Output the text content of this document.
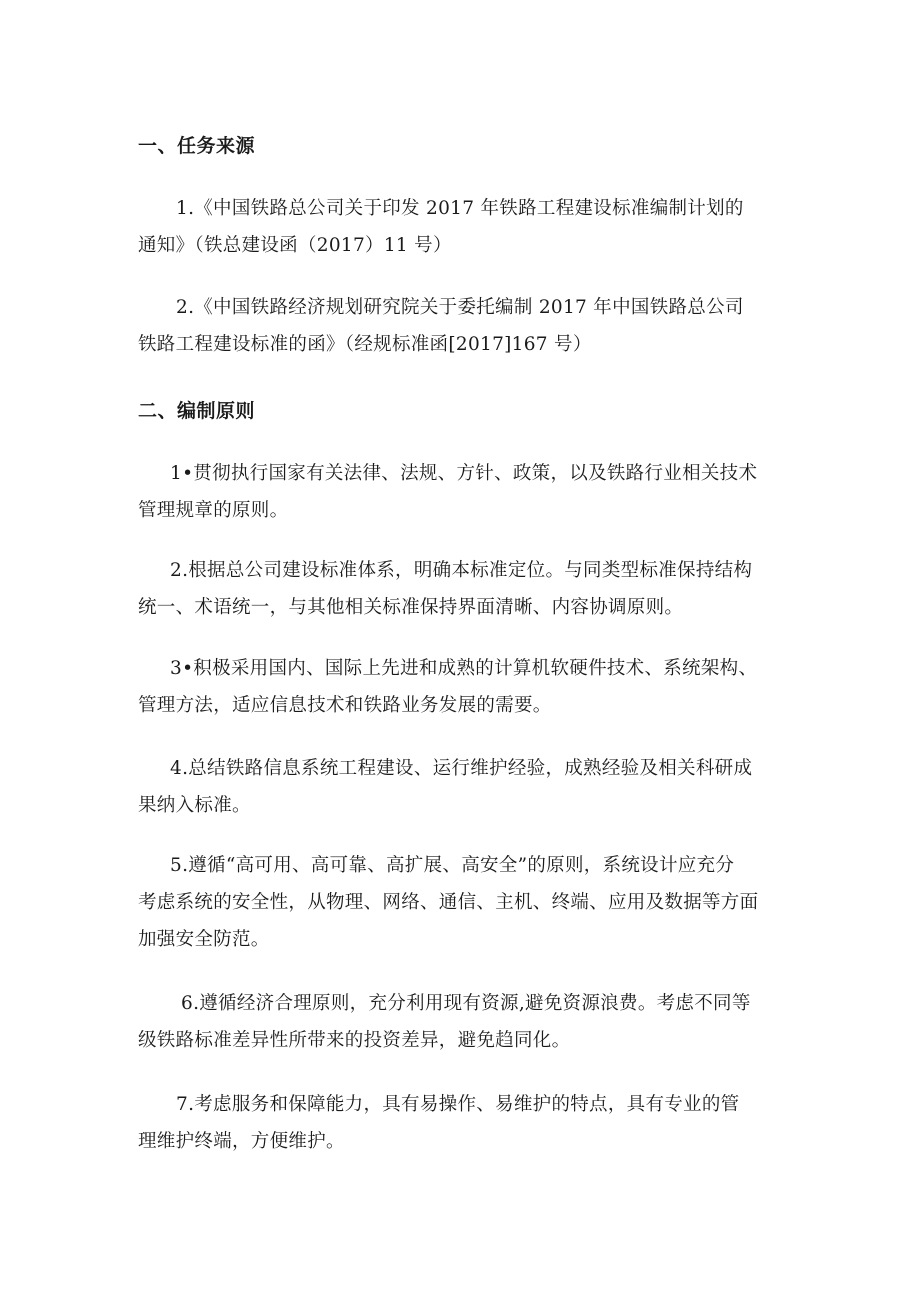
一、任务来源

1.《中国铁路总公司关于印发 2017 年铁路工程建设标准编制计划的
通知》（铁总建设函（2017）11 号）

2.《中国铁路经济规划研究院关于委托编制 2017 年中国铁路总公司
铁路工程建设标准的函》（经规标准函[2017]167 号）

二、编制原则

1•贯彻执行国家有关法律、法规、方针、政策，以及铁路行业相关技术
管理规章的原则。

2.根据总公司建设标准体系，明确本标准定位。与同类型标准保持结构
统一、术语统一，与其他相关标准保持界面清晰、内容协调原则。

3•积极采用国内、国际上先进和成熟的计算机软硬件技术、系统架构、
管理方法，适应信息技术和铁路业务发展的需要。

4.总结铁路信息系统工程建设、运行维护经验，成熟经验及相关科研成
果纳入标准。

5.遵循“高可用、高可靠、高扩展、高安全”的原则，系统设计应充分
考虑系统的安全性，从物理、网络、通信、主机、终端、应用及数据等方面
加强安全防范。

6.遵循经济合理原则，充分利用现有资源,避免资源浪费。考虑不同等
级铁路标准差异性所带来的投资差异，避免趋同化。

7.考虑服务和保障能力，具有易操作、易维护的特点，具有专业的管
理维护终端，方便维护。
